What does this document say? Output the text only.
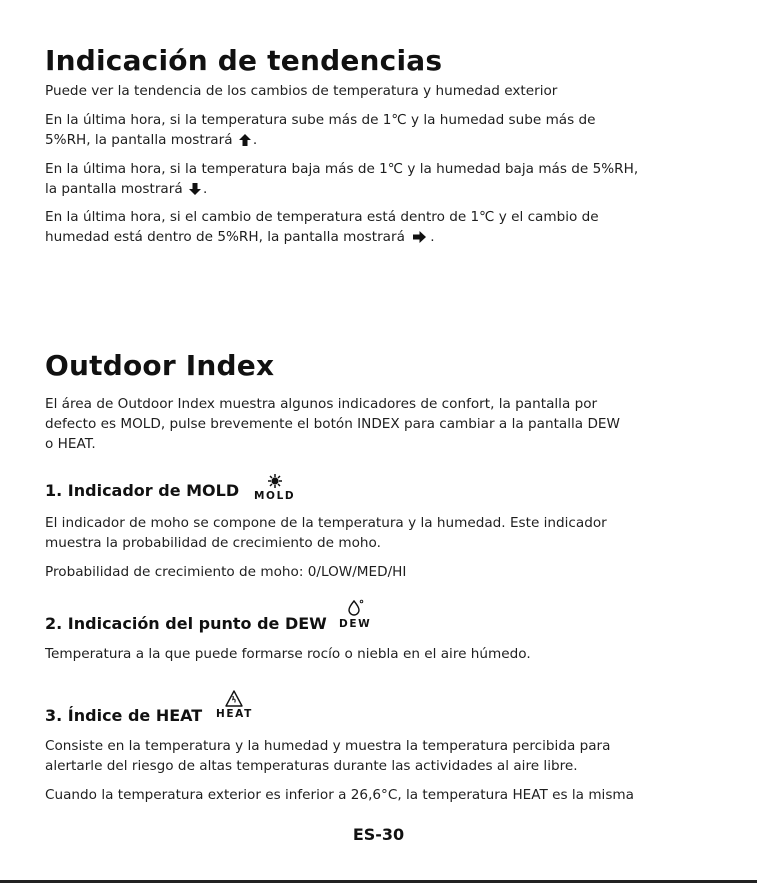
Indicación de tendencias

Puede ver la tendencia de los cambios de temperatura y humedad exterior

En la última hora, si la temperatura sube más de 1℃ y la humedad sube más de
5%RH, la pantalla mostrará .

En la última hora, si la temperatura baja más de 1℃ y la humedad baja más de 5%RH,
la pantalla mostrará .

En la última hora, si el cambio de temperatura está dentro de 1℃ y el cambio de
humedad está dentro de 5%RH, la pantalla mostrará .

Outdoor Index

El área de Outdoor Index muestra algunos indicadores de confort, la pantalla por
defecto es MOLD, pulse brevemente el botón INDEX para cambiar a la pantalla DEW
o HEAT.

1. Indicador de MOLD MOLD

El indicador de moho se compone de la temperatura y la humedad. Este indicador
muestra la probabilidad de crecimiento de moho.

Probabilidad de crecimiento de moho: 0/LOW/MED/HI

2. Indicación del punto de DEW DEW

Temperatura a la que puede formarse rocío o niebla en el aire húmedo.

3. Índice de HEAT HEAT

Consiste en la temperatura y la humedad y muestra la temperatura percibida para
alertarle del riesgo de altas temperaturas durante las actividades al aire libre.

Cuando la temperatura exterior es inferior a 26,6°C, la temperatura HEAT es la misma

ES-30
